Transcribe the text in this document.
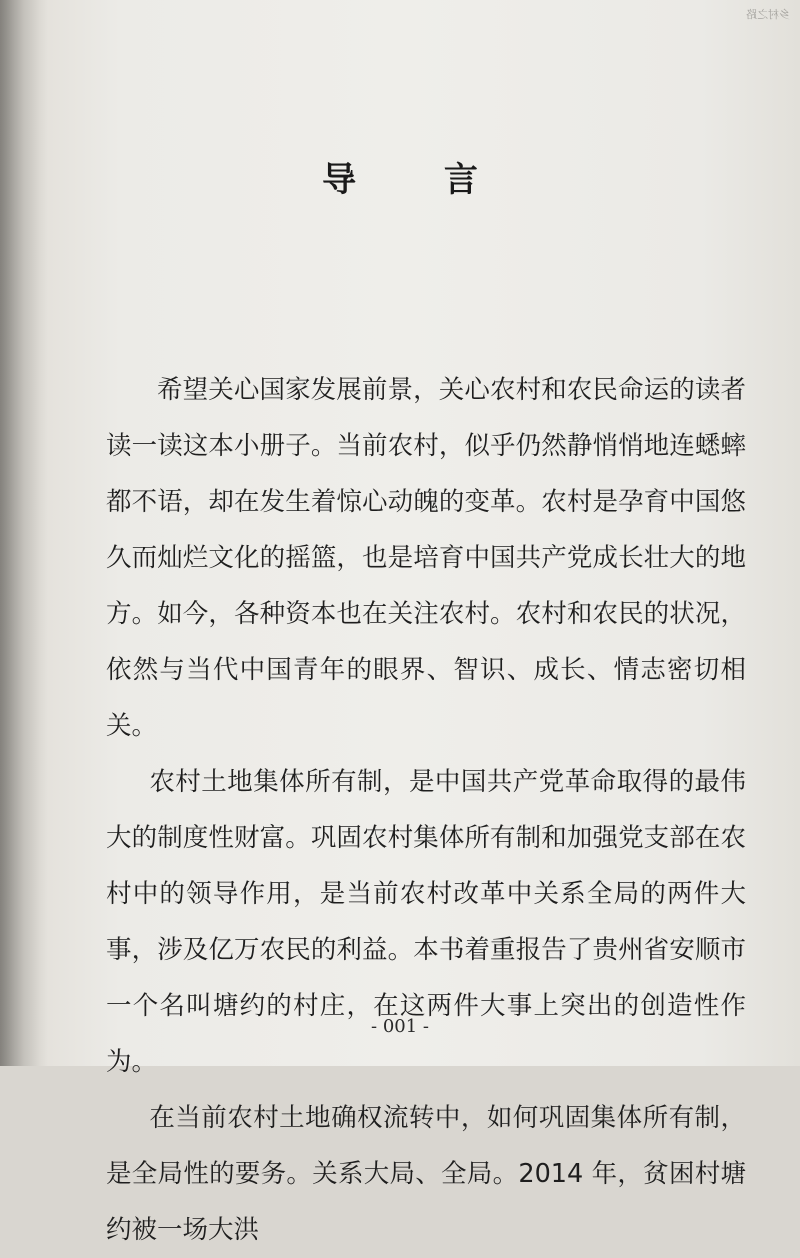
乡村之路

导 言

希望关心国家发展前景，关心农村和农民命运的读者读一读这本小册子。当前农村，似乎仍然静悄悄地连蟋蟀都不语，却在发生着惊心动魄的变革。农村是孕育中国悠久而灿烂文化的摇篮，也是培育中国共产党成长壮大的地方。如今，各种资本也在关注农村。农村和农民的状况，依然与当代中国青年的眼界、智识、成长、情志密切相关。

农村土地集体所有制，是中国共产党革命取得的最伟大的制度性财富。巩固农村集体所有制和加强党支部在农村中的领导作用，是当前农村改革中关系全局的两件大事，涉及亿万农民的利益。本书着重报告了贵州省安顺市一个名叫塘约的村庄，在这两件大事上突出的创造性作为。

在当前农村土地确权流转中，如何巩固集体所有制，是全局性的要务。关系大局、全局。2014 年，贫困村塘约被一场大洪

- 001 -
